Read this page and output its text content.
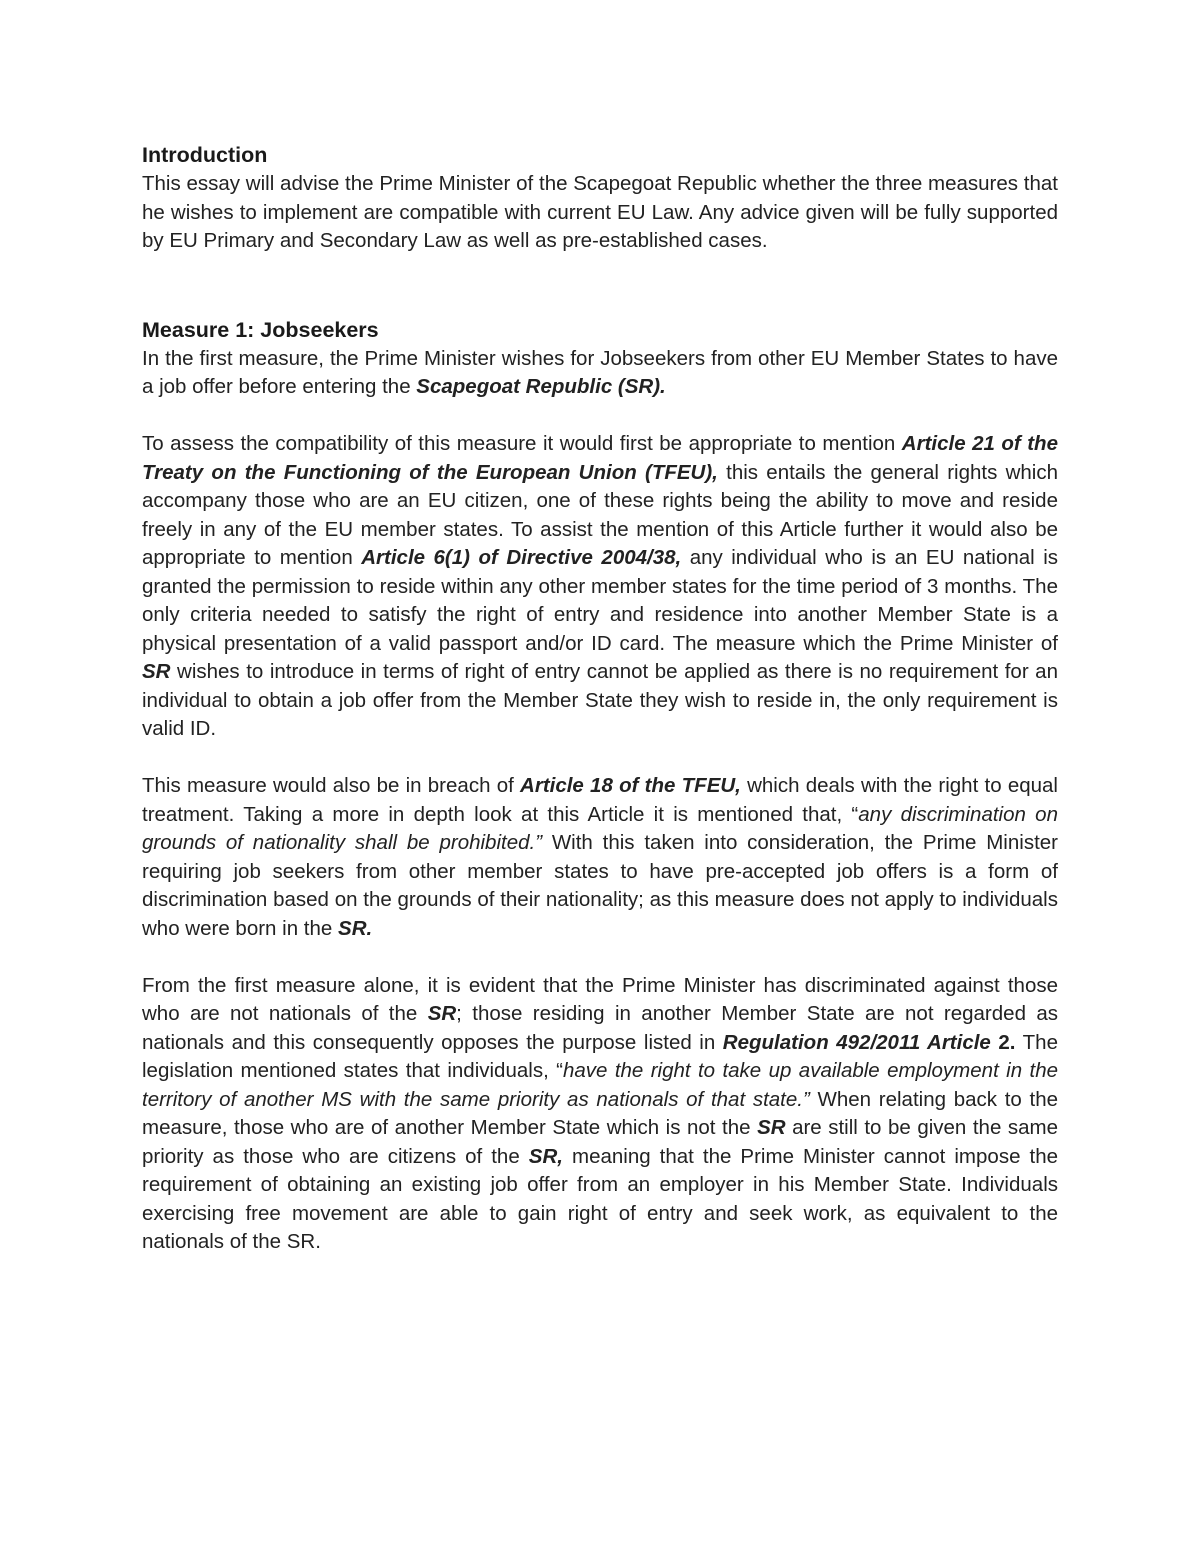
Introduction

This essay will advise the Prime Minister of the Scapegoat Republic whether the three measures that he wishes to implement are compatible with current EU Law. Any advice given will be fully supported by EU Primary and Secondary Law as well as pre-established cases.

Measure 1: Jobseekers

In the first measure, the Prime Minister wishes for Jobseekers from other EU Member States to have a job offer before entering the Scapegoat Republic (SR).

To assess the compatibility of this measure it would first be appropriate to mention Article 21 of the Treaty on the Functioning of the European Union (TFEU), this entails the general rights which accompany those who are an EU citizen, one of these rights being the ability to move and reside freely in any of the EU member states. To assist the mention of this Article further it would also be appropriate to mention Article 6(1) of Directive 2004/38, any individual who is an EU national is granted the permission to reside within any other member states for the time period of 3 months. The only criteria needed to satisfy the right of entry and residence into another Member State is a physical presentation of a valid passport and/or ID card. The measure which the Prime Minister of SR wishes to introduce in terms of right of entry cannot be applied as there is no requirement for an individual to obtain a job offer from the Member State they wish to reside in, the only requirement is valid ID.

This measure would also be in breach of Article 18 of the TFEU, which deals with the right to equal treatment. Taking a more in depth look at this Article it is mentioned that, “any discrimination on grounds of nationality shall be prohibited.” With this taken into consideration, the Prime Minister requiring job seekers from other member states to have pre-accepted job offers is a form of discrimination based on the grounds of their nationality; as this measure does not apply to individuals who were born in the SR.

From the first measure alone, it is evident that the Prime Minister has discriminated against those who are not nationals of the SR; those residing in another Member State are not regarded as nationals and this consequently opposes the purpose listed in Regulation 492/2011 Article 2. The legislation mentioned states that individuals, “have the right to take up available employment in the territory of another MS with the same priority as nationals of that state.” When relating back to the measure, those who are of another Member State which is not the SR are still to be given the same priority as those who are citizens of the SR, meaning that the Prime Minister cannot impose the requirement of obtaining an existing job offer from an employer in his Member State. Individuals exercising free movement are able to gain right of entry and seek work, as equivalent to the nationals of the SR.
